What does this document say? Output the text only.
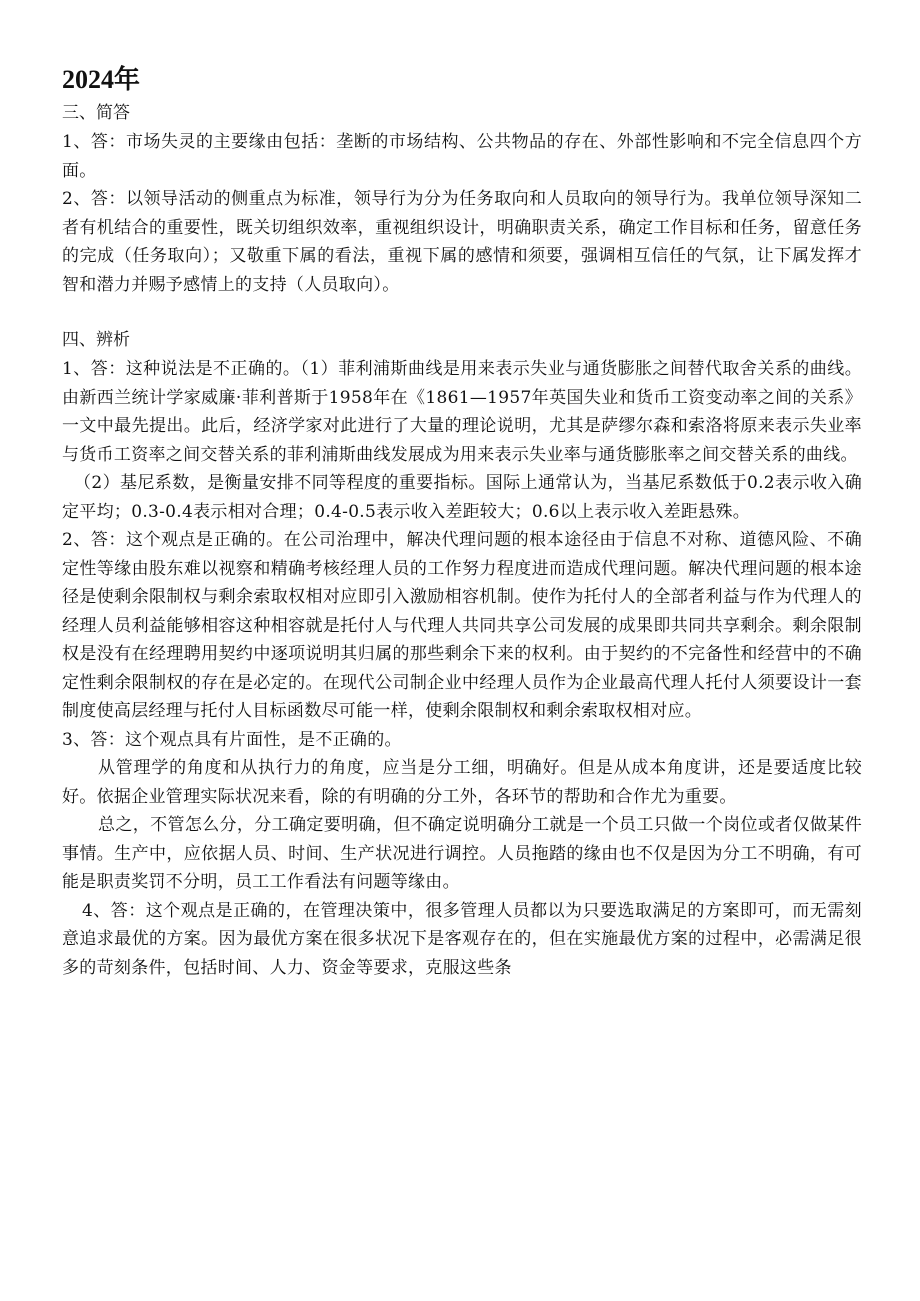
2024年

三、简答

1、答：市场失灵的主要缘由包括：垄断的市场结构、公共物品的存在、外部性影响和不完全信息四个方面。

2、答：以领导活动的侧重点为标准，领导行为分为任务取向和人员取向的领导行为。我单位领导深知二者有机结合的重要性，既关切组织效率，重视组织设计，明确职责关系，确定工作目标和任务，留意任务的完成（任务取向）；又敬重下属的看法，重视下属的感情和须要，强调相互信任的气氛，让下属发挥才智和潜力并赐予感情上的支持（人员取向）。

四、辨析

1、答：这种说法是不正确的。（1）菲利浦斯曲线是用来表示失业与通货膨胀之间替代取舍关系的曲线。由新西兰统计学家威廉·菲利普斯于1958年在《1861—1957年英国失业和货币工资变动率之间的关系》一文中最先提出。此后，经济学家对此进行了大量的理论说明，尤其是萨缪尔森和索洛将原来表示失业率与货币工资率之间交替关系的菲利浦斯曲线发展成为用来表示失业率与通货膨胀率之间交替关系的曲线。

（2）基尼系数，是衡量安排不同等程度的重要指标。国际上通常认为，当基尼系数低于0.2表示收入确定平均；0.3-0.4表示相对合理；0.4-0.5表示收入差距较大；0.6以上表示收入差距悬殊。

2、答：这个观点是正确的。在公司治理中，解决代理问题的根本途径由于信息不对称、道德风险、不确定性等缘由股东难以视察和精确考核经理人员的工作努力程度进而造成代理问题。解决代理问题的根本途径是使剩余限制权与剩余索取权相对应即引入激励相容机制。使作为托付人的全部者利益与作为代理人的经理人员利益能够相容这种相容就是托付人与代理人共同共享公司发展的成果即共同共享剩余。剩余限制权是没有在经理聘用契约中逐项说明其归属的那些剩余下来的权利。由于契约的不完备性和经营中的不确定性剩余限制权的存在是必定的。在现代公司制企业中经理人员作为企业最高代理人托付人须要设计一套制度使高层经理与托付人目标函数尽可能一样，使剩余限制权和剩余索取权相对应。

3、答：这个观点具有片面性，是不正确的。

从管理学的角度和从执行力的角度，应当是分工细，明确好。但是从成本角度讲，还是要适度比较好。依据企业管理实际状况来看，除的有明确的分工外，各环节的帮助和合作尤为重要。

总之，不管怎么分，分工确定要明确，但不确定说明确分工就是一个员工只做一个岗位或者仅做某件事情。生产中，应依据人员、时间、生产状况进行调控。人员拖踏的缘由也不仅是因为分工不明确，有可能是职责奖罚不分明，员工工作看法有问题等缘由。

4、答：这个观点是正确的，在管理决策中，很多管理人员都以为只要选取满足的方案即可，而无需刻意追求最优的方案。因为最优方案在很多状况下是客观存在的，但在实施最优方案的过程中，必需满足很多的苛刻条件，包括时间、人力、资金等要求，克服这些条
